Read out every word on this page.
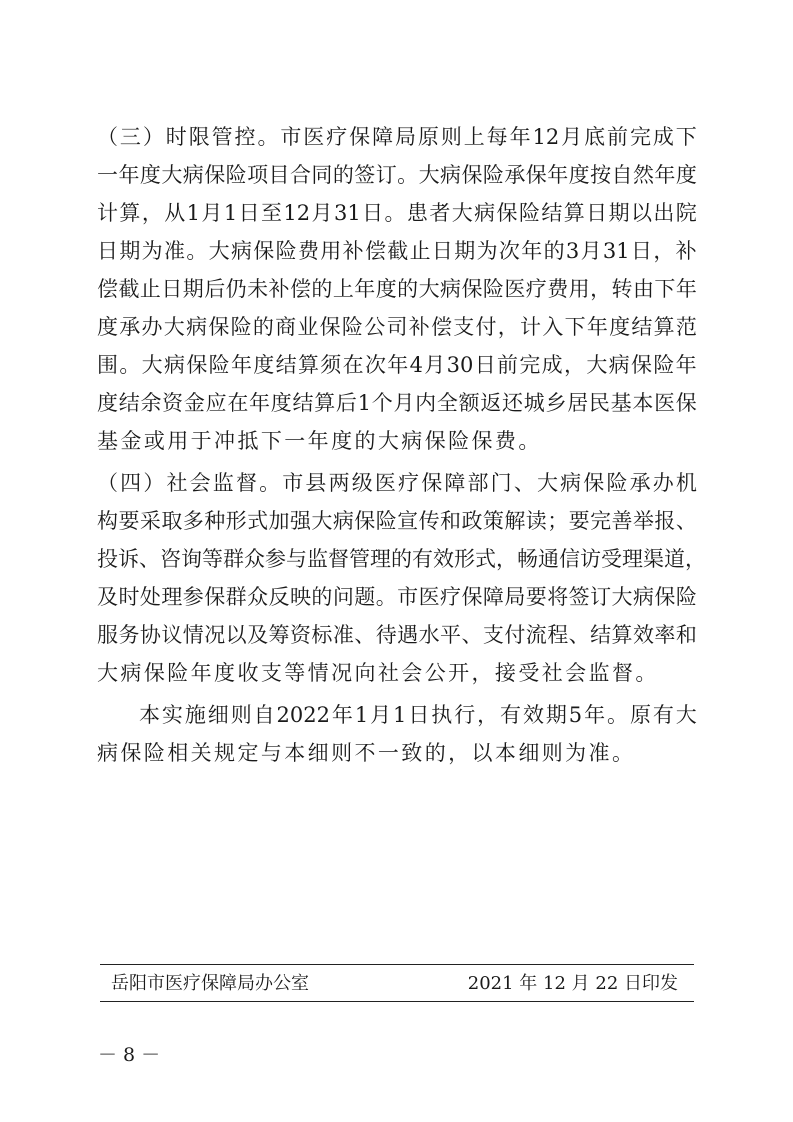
（ 三 ） 时 限 管 控 。 市 医 疗 保 障 局 原 则 上 每 年 12 月 底 前 完 成 下
一 年 度 大 病 保 险 项 目 合 同 的 签 订 。 大 病 保 险 承 保 年 度 按 自 然 年 度
计 算 ， 从 1 月 1 日 至 12 月 31 日 。 患 者 大 病 保 险 结 算 日 期 以 出 院
日 期 为 准 。 大 病 保 险 费 用 补 偿 截 止 日 期 为 次 年 的 3 月 31 日 ， 补
偿 截 止 日 期 后 仍 未 补 偿 的 上 年 度 的 大 病 保 险 医 疗 费 用 ， 转 由 下 年
度 承 办 大 病 保 险 的 商 业 保 险 公 司 补 偿 支 付 ， 计 入 下 年 度 结 算 范
围 。 大 病 保 险 年 度 结 算 须 在 次 年 4 月 30 日 前 完 成 ， 大 病 保 险 年
度 结 余 资 金 应 在 年 度 结 算 后 1 个 月 内 全 额 返 还 城 乡 居 民 基 本 医 保
基 金 或 用 于 冲 抵 下 一 年 度 的 大 病 保 险 保 费 。
（ 四 ） 社 会 监 督 。 市 县 两 级 医 疗 保 障 部 门 、 大 病 保 险 承 办 机
构 要 采 取 多 种 形 式 加 强 大 病 保 险 宣 传 和 政 策 解 读 ； 要 完 善 举 报 、
投 诉 、 咨 询 等 群 众 参 与 监 督 管 理 的 有 效 形 式 ， 畅 通 信 访 受 理 渠 道 ，
及 时 处 理 参 保 群 众 反 映 的 问 题 。 市 医 疗 保 障 局 要 将 签 订 大 病 保 险
服 务 协 议 情 况 以 及 筹 资 标 准 、 待 遇 水 平 、 支 付 流 程 、 结 算 效 率 和
大 病 保 险 年 度 收 支 等 情 况 向 社 会 公 开 ， 接 受 社 会 监 督 。
本 实 施 细 则 自 2022 年 1 月 1 日 执 行 ， 有 效 期 5 年 。 原 有 大
病 保 险 相 关 规 定 与 本 细 则 不 一 致 的 ， 以 本 细 则 为 准 。
岳阳市医疗保障局办公室	2021 年 12 月 22 日印发
－ 8 －
